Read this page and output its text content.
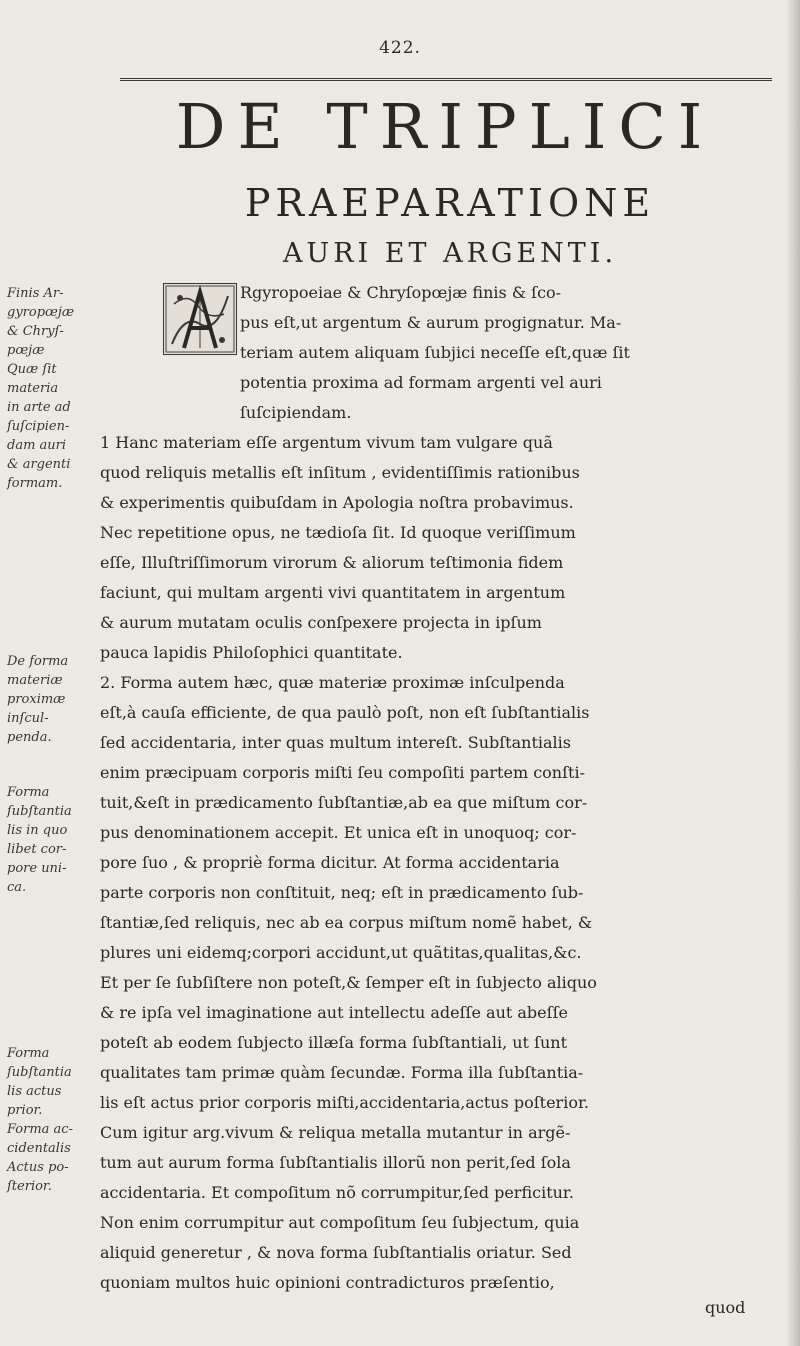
422.
DE TRIPLICI
PRAEPARATIONE
AURI ET ARGENTI.
Finis Ar-
gyropœjæ
& Chryſ-
pœjæ
Quæ ſit
materia
in arte ad
ſuſcipien-
dam auri
& argenti
formam.
De forma
materiæ
proximæ
inſcul-
penda.
Forma
ſubſtantia
lis in quo
libet cor-
pore uni-
ca.
Forma
ſubſtantia
lis actus
prior.
Forma ac-
cidentalis
Actus po-
ſterior.
Rgyropoeiae & Chryſopœjæ finis & ſco-
pus eſt,ut argentum & aurum progignatur. Ma-
teriam autem aliquam ſubjici neceſſe eſt,quæ ſit
potentia proxima ad formam argenti vel auri
ſuſcipiendam.
1 Hanc materiam eſſe argentum vivum tam vulgare quã
quod reliquis metallis eſt inſitum , evidentiſſimis rationibus
& experimentis quibuſdam in Apologia noſtra probavimus.
Nec repetitione opus, ne tædioſa ſit. Id quoque veriſſimum
eſſe, Illuſtriſſimorum virorum & aliorum teſtimonia fidem
faciunt, qui multam argenti vivi quantitatem in argentum
& aurum mutatam oculis conſpexere projecta in ipſum
pauca lapidis Philoſophici quantitate.
2. Forma autem hæc, quæ materiæ proximæ inſculpenda
eſt,à cauſa efficiente, de qua paulò poſt, non eſt ſubſtantialis
ſed accidentaria, inter quas multum intereſt. Subſtantialis
enim præcipuam corporis miſti ſeu compoſiti partem conſti-
tuit,&eſt in prædicamento ſubſtantiæ,ab ea que miſtum cor-
pus denominationem accepit. Et unica eſt in unoquoq; cor-
pore ſuo , & propriè forma dicitur. At forma accidentaria
parte corporis non conſtituit, neq; eſt in prædicamento ſub-
ſtantiæ,ſed reliquis, nec ab ea corpus miſtum nomẽ habet, &
plures uni eidemq;corpori accidunt,ut quãtitas,qualitas,&c.
Et per ſe ſubſiſtere non poteſt,& ſemper eſt in ſubjecto aliquo
& re ipſa vel imaginatione aut intellectu adeſſe aut abeſſe
poteſt ab eodem ſubjecto illæſa forma ſubſtantiali, ut ſunt
qualitates tam primæ quàm ſecundæ. Forma illa ſubſtantia-
lis eſt actus prior corporis miſti,accidentaria,actus poſterior.
Cum igitur arg.vivum & reliqua metalla mutantur in argẽ-
tum aut aurum forma ſubſtantialis illorũ non perit,ſed ſola
accidentaria. Et compoſitum nõ corrumpitur,ſed perficitur.
Non enim corrumpitur aut compoſitum ſeu ſubjectum, quia
aliquid generetur , & nova forma ſubſtantialis oriatur. Sed
quoniam multos huic opinioni contradicturos præſentio,
quod
